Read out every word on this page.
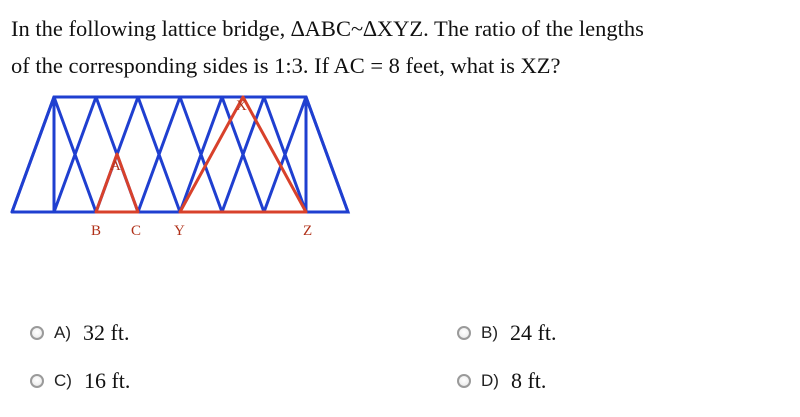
In the following lattice bridge, ∆ABC~∆XYZ. The ratio of the lengths
of the corresponding sides is 1:3. If AC = 8 feet, what is XZ?
A
X
B C Y	Z
A) 32 ft.	B) 24 ft.
C) 16 ft.	D) 8 ft.
